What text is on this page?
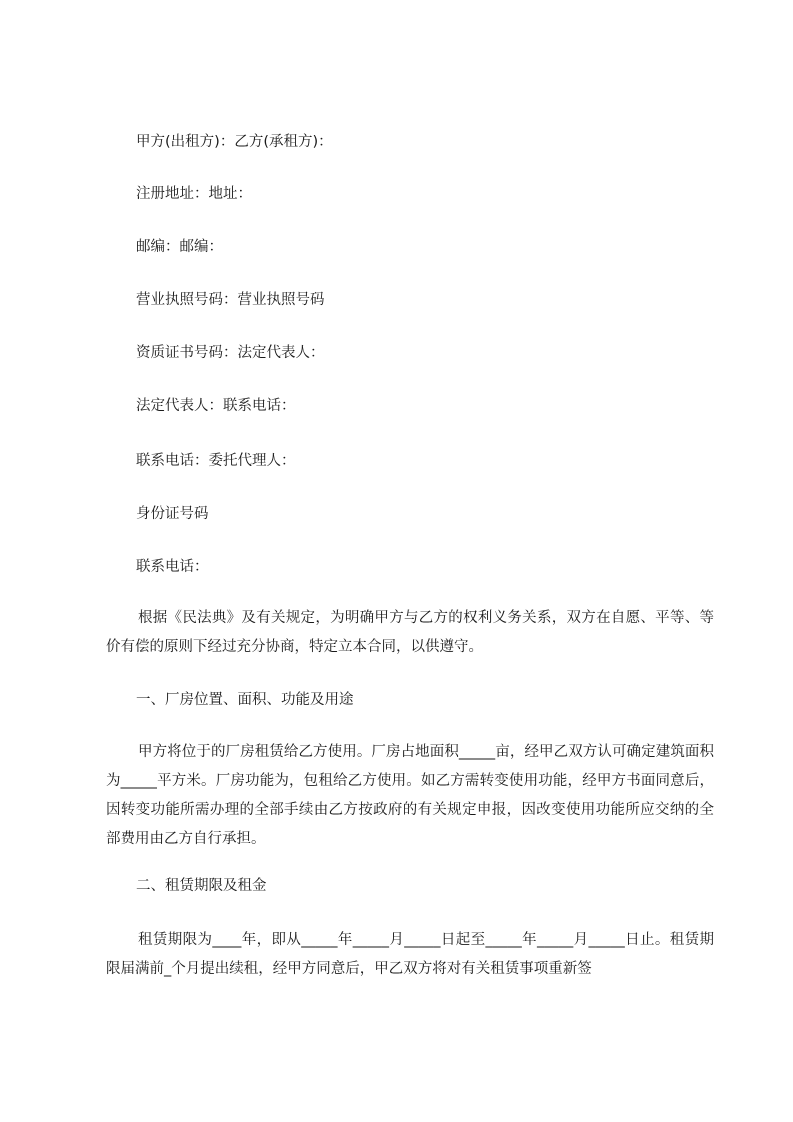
甲方(出租方)：乙方(承租方)：
注册地址：地址：
邮编：邮编：
营业执照号码：营业执照号码
资质证书号码：法定代表人：
法定代表人：联系电话：
联系电话：委托代理人：
身份证号码
联系电话：
根据《民法典》及有关规定，为明确甲方与乙方的权利义务关系，双方在自愿、平等、等价有偿的原则下经过充分协商，特定立本合同，以供遵守。
一、厂房位置、面积、功能及用途
甲方将位于的厂房租赁给乙方使用。厂房占地面积_____亩，经甲乙双方认可确定建筑面积为_____平方米。厂房功能为，包租给乙方使用。如乙方需转变使用功能，经甲方书面同意后，因转变功能所需办理的全部手续由乙方按政府的有关规定申报，因改变使用功能所应交纳的全部费用由乙方自行承担。
二、租赁期限及租金
租赁期限为____年，即从_____年_____月_____日起至_____年_____月_____日止。租赁期限届满前_个月提出续租，经甲方同意后，甲乙双方将对有关租赁事项重新签
